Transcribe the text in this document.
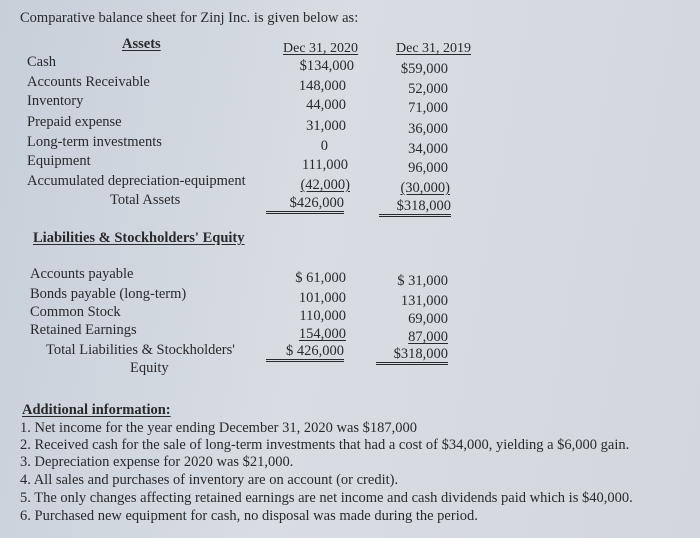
Comparative balance sheet for Zinj Inc. is given below as:
Assets	Dec 31, 2020	Dec 31, 2019
Cash	$134,000	$59,000
Accounts Receivable	148,000	52,000
Inventory	44,000	71,000
Prepaid expense	31,000	36,000
Long-term investments	0	34,000
Equipment	111,000	96,000
Accumulated depreciation-equipment	(42,000)	(30,000)
Total Assets	$426,000	$318,000
Liabilities & Stockholders' Equity
Accounts payable	$ 61,000	$ 31,000
Bonds payable (long-term)	101,000	131,000
Common Stock	110,000	69,000
Retained Earnings	154,000	87,000
Total Liabilities & Stockholders'
Equity
$ 426,000	$318,000
Additional information:
1. Net income for the year ending December 31, 2020 was $187,000
2. Received cash for the sale of long-term investments that had a cost of $34,000, yielding a $6,000 gain.
3. Depreciation expense for 2020 was $21,000.
4. All sales and purchases of inventory are on account (or credit).
5. The only changes affecting retained earnings are net income and cash dividends paid which is $40,000.
6. Purchased new equipment for cash, no disposal was made during the period.
